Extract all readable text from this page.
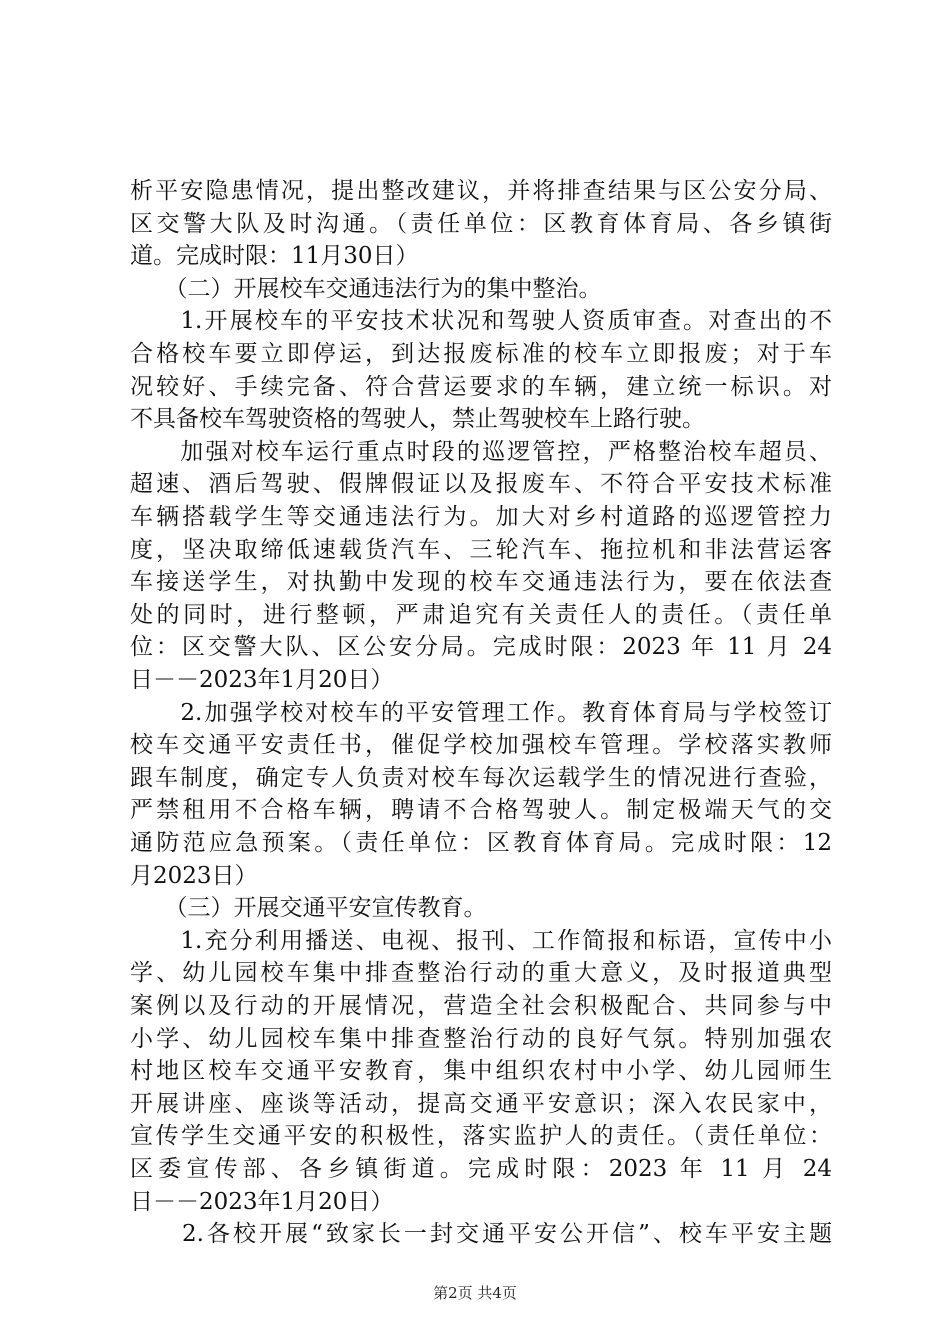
析平安隐患情况，提出整改建议，并将排查结果与区公安分局、
区交警大队及时沟通。（责任单位：区教育体育局、各乡镇街
道。完成时限：11月30日）
　　（二）开展校车交通违法行为的集中整治。
　　1.开展校车的平安技术状况和驾驶人资质审查。对查出的不
合格校车要立即停运，到达报废标准的校车立即报废；对于车
况较好、手续完备、符合营运要求的车辆，建立统一标识。对
不具备校车驾驶资格的驾驶人，禁止驾驶校车上路行驶。
　　加强对校车运行重点时段的巡逻管控，严格整治校车超员、
超速、酒后驾驶、假牌假证以及报废车、不符合平安技术标准
车辆搭载学生等交通违法行为。加大对乡村道路的巡逻管控力
度，坚决取缔低速载货汽车、三轮汽车、拖拉机和非法营运客
车接送学生，对执勤中发现的校车交通违法行为，要在依法查
处的同时，进行整顿，严肃追究有关责任人的责任。（责任单
位：区交警大队、区公安分局。完成时限：2023 年 11 月 24
日－－2023年1月20日）
　　2.加强学校对校车的平安管理工作。教育体育局与学校签订
校车交通平安责任书，催促学校加强校车管理。学校落实教师
跟车制度，确定专人负责对校车每次运载学生的情况进行查验，
严禁租用不合格车辆，聘请不合格驾驶人。制定极端天气的交
通防范应急预案。（责任单位：区教育体育局。完成时限：12
月2023日）
　　（三）开展交通平安宣传教育。
　　1.充分利用播送、电视、报刊、工作简报和标语，宣传中小
学、幼儿园校车集中排查整治行动的重大意义，及时报道典型
案例以及行动的开展情况，营造全社会积极配合、共同参与中
小学、幼儿园校车集中排查整治行动的良好气氛。特别加强农
村地区校车交通平安教育，集中组织农村中小学、幼儿园师生
开展讲座、座谈等活动，提高交通平安意识；深入农民家中，
宣传学生交通平安的积极性，落实监护人的责任。（责任单位：
区委宣传部、各乡镇街道。完成时限：2023 年 11 月 24
日－－2023年1月20日）
　　2.各校开展“致家长一封交通平安公开信”、校车平安主题
第2页 共4页
